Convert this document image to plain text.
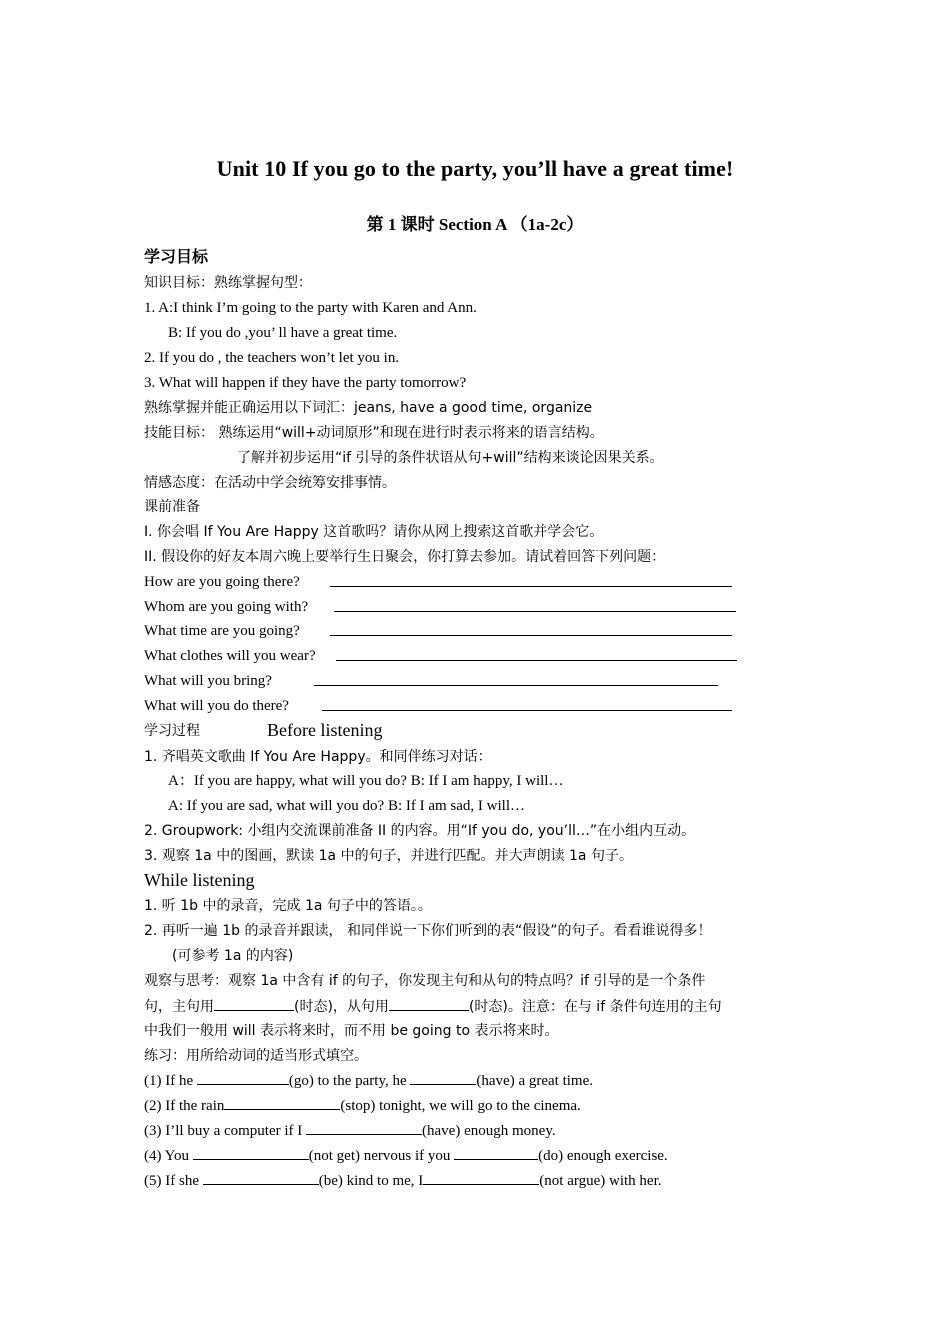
Unit 10 If you go to the party, you’ll have a great time!
第 1 课时 Section A （1a-2c）
学习目标
知识目标：熟练掌握句型：
1. A:I think I’m going to the party with Karen and Ann.
B: If you do ,you’ ll have a great time.
2. If you do , the teachers won’t let you in.
3. What will happen if they have the party tomorrow?
熟练掌握并能正确运用以下词汇：jeans, have a good time, organize
技能目标： 熟练运用“will+动词原形”和现在进行时表示将来的语言结构。
了解并初步运用“if 引导的条件状语从句+will”结构来谈论因果关系。
情感态度：在活动中学会统筹安排事情。
课前准备
I. 你会唱 If You Are Happy 这首歌吗？请你从网上搜索这首歌并学会它。
II. 假设你的好友本周六晚上要举行生日聚会，你打算去参加。请试着回答下列问题：
How are you going there?
Whom are you going with?
What time are you going?
What clothes will you wear?
What will you bring?
What will you do there?
学习过程	Before listening
1. 齐唱英文歌曲 If You Are Happy。和同伴练习对话：
A：If you are happy, what will you do? B: If I am happy, I will…
A: If you are sad, what will you do? B: If I am sad, I will…
2. Groupwork: 小组内交流课前准备 II 的内容。用“If you do, you’ll…”在小组内互动。
3. 观察 1a 中的图画，默读 1a 中的句子，并进行匹配。并大声朗读 1a 句子。
While listening
1. 听 1b 中的录音，完成 1a 句子中的答语。。
2. 再听一遍 1b 的录音并跟读， 和同伴说一下你们听到的表“假设”的句子。看看谁说得多！
(可参考 1a 的内容)
观察与思考：观察 1a 中含有 if 的句子，你发现主句和从句的特点吗？if 引导的是一个条件
句，主句用	(时态)，从句用	(时态)。注意：在与 if 条件句连用的主句
中我们一般用 will 表示将来时，而不用 be going to 表示将来时。
练习：用所给动词的适当形式填空。
(1) If he	(go) to the party, he	(have) a great time.
(2) If the rain	(stop) tonight, we will go to the cinema.
(3) I’ll buy a computer if I	(have) enough money.
(4) You	(not get) nervous if you	(do) enough exercise.
(5) If she	(be) kind to me, I	(not argue) with her.
